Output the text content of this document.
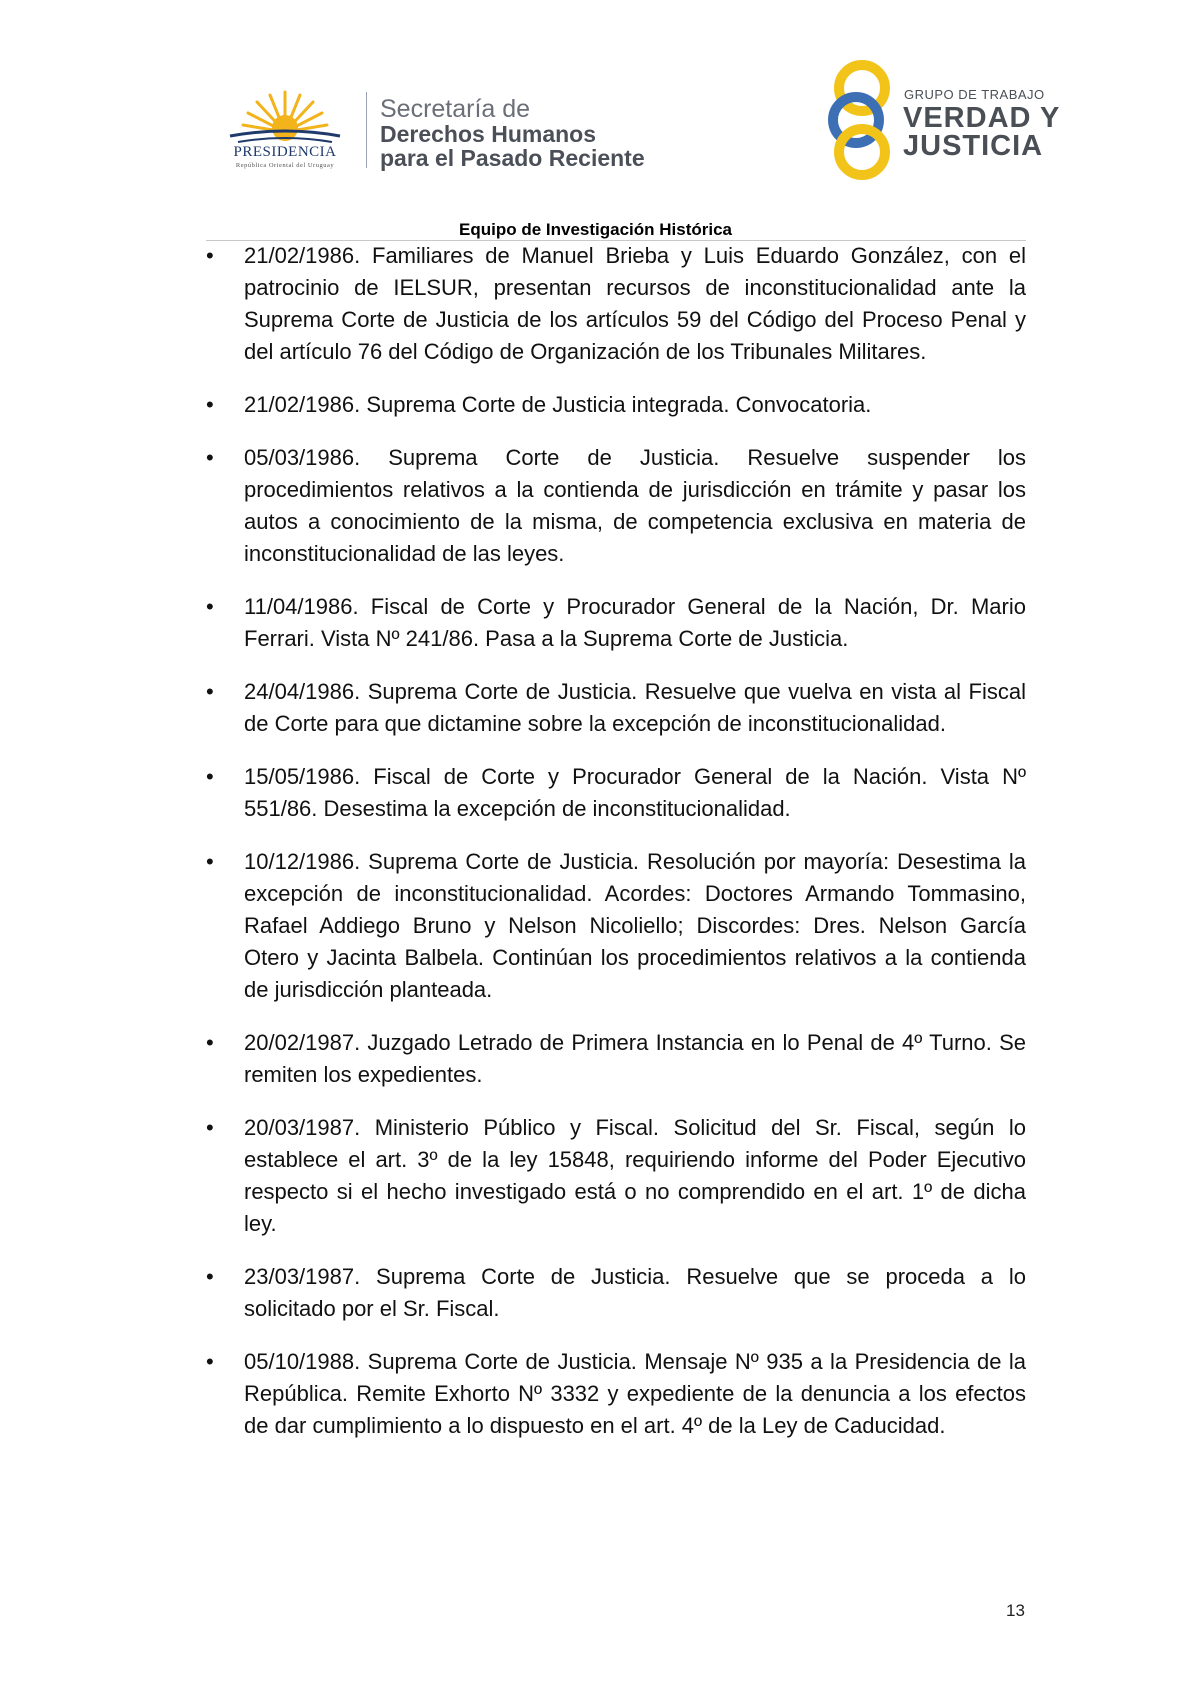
PRESIDENCIA
República Oriental del Uruguay
Secretaría de
Derechos Humanos
para el Pasado Reciente
GRUPO DE TRABAJO
VERDAD Y
JUSTICIA
Equipo de Investigación Histórica
• 21/02/1986. Familiares de Manuel Brieba y Luis Eduardo González, con el patrocinio de IELSUR, presentan recursos de inconstitucionalidad ante la Suprema Corte de Justicia de los artículos 59 del Código del Proceso Penal y del artículo 76 del Código de Organización de los Tribunales Militares.
• 21/02/1986. Suprema Corte de Justicia integrada. Convocatoria.
• 05/03/1986. Suprema Corte de Justicia. Resuelve suspender los procedimientos relativos a la contienda de jurisdicción en trámite y pasar los autos a conocimiento de la misma, de competencia exclusiva en materia de inconstitucionalidad de las leyes.
• 11/04/1986. Fiscal de Corte y Procurador General de la Nación, Dr. Mario Ferrari. Vista Nº 241/86. Pasa a la Suprema Corte de Justicia.
• 24/04/1986. Suprema Corte de Justicia. Resuelve que vuelva en vista al Fiscal de Corte para que dictamine sobre la excepción de inconstitucionalidad.
• 15/05/1986. Fiscal de Corte y Procurador General de la Nación. Vista Nº 551/86. Desestima la excepción de inconstitucionalidad.
• 10/12/1986. Suprema Corte de Justicia. Resolución por mayoría: Desestima la excepción de inconstitucionalidad. Acordes: Doctores Armando Tommasino, Rafael Addiego Bruno y Nelson Nicoliello; Discordes: Dres. Nelson García Otero y Jacinta Balbela. Continúan los procedimientos relativos a la contienda de jurisdicción planteada.
• 20/02/1987. Juzgado Letrado de Primera Instancia en lo Penal de 4º Turno. Se remiten los expedientes.
• 20/03/1987. Ministerio Público y Fiscal. Solicitud del Sr. Fiscal, según lo establece el art. 3º de la ley 15848, requiriendo informe del Poder Ejecutivo respecto si el hecho investigado está o no comprendido en el art. 1º de dicha ley.
• 23/03/1987. Suprema Corte de Justicia. Resuelve que se proceda a lo solicitado por el Sr. Fiscal.
• 05/10/1988. Suprema Corte de Justicia. Mensaje Nº 935 a la Presidencia de la República. Remite Exhorto Nº 3332 y expediente de la denuncia a los efectos de dar cumplimiento a lo dispuesto en el art. 4º de la Ley de Caducidad.
13
